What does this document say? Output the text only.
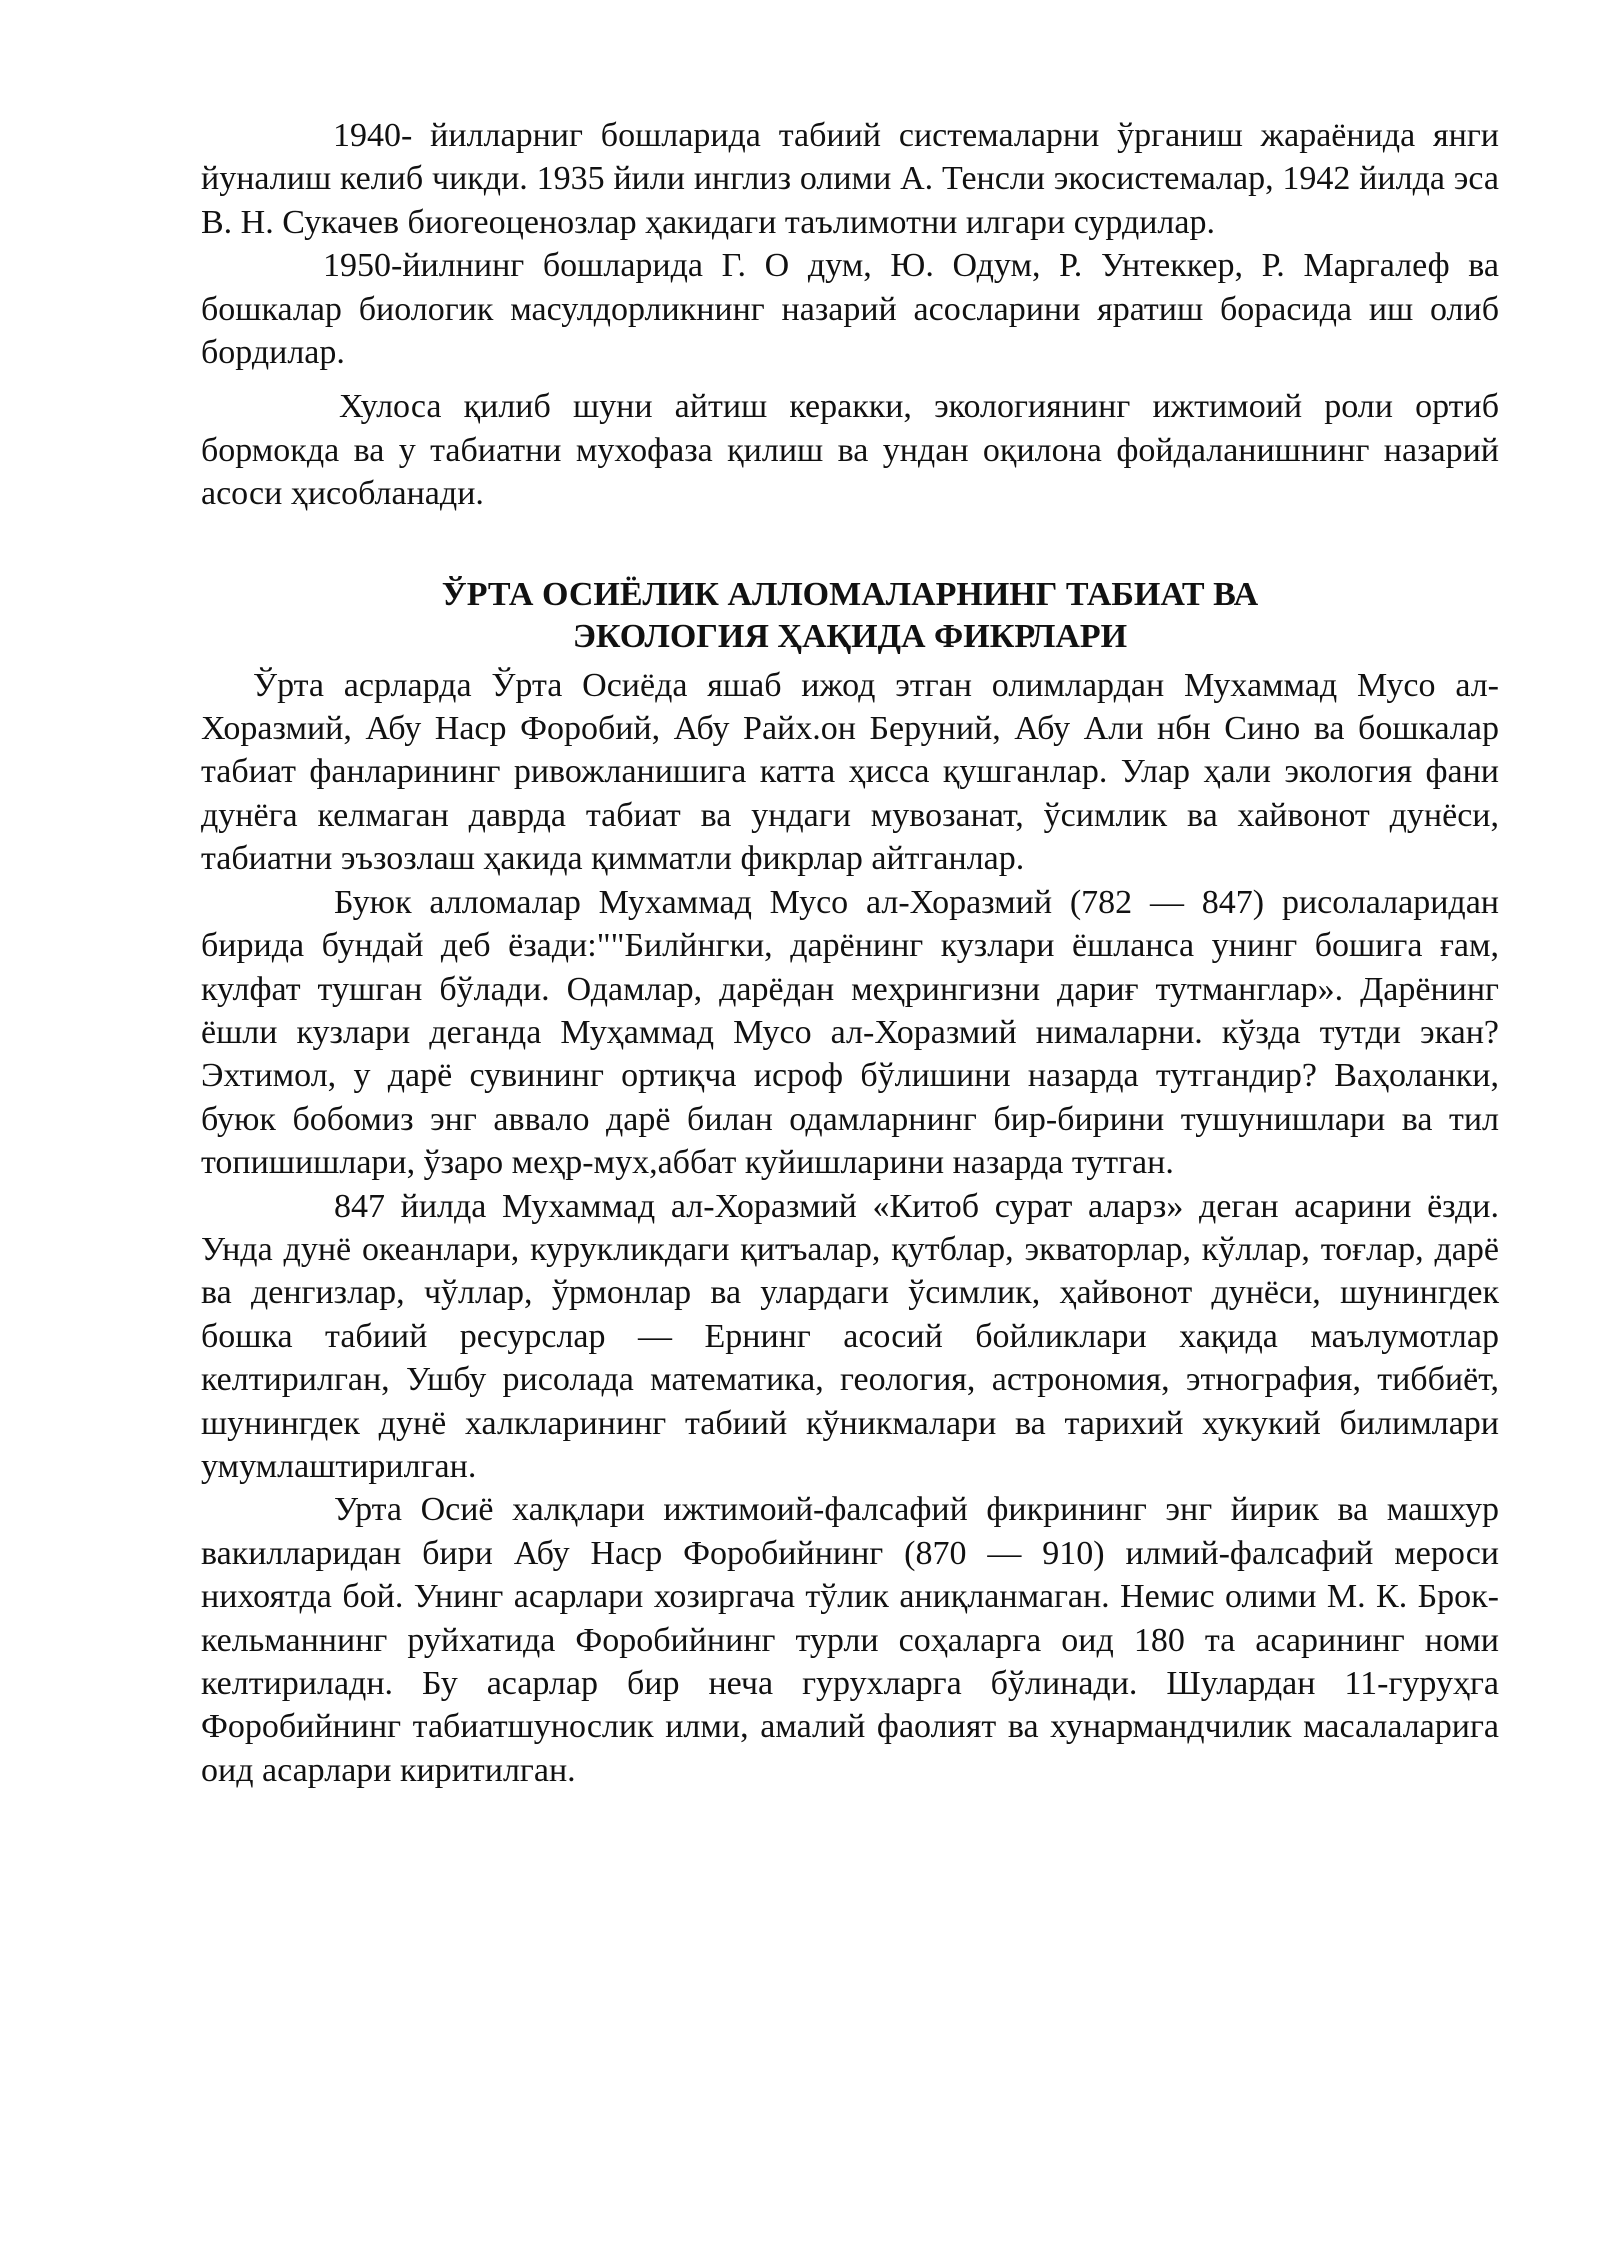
1940- йилларниг бошларида табиий системаларни ўрганиш жараёнида янги йуналиш келиб чикди. 1935 йили инглиз олими А. Тенсли экосистемалар, 1942 йилда эса В. Н. Сукачев биогеоценозлар ҳакидаги таълимотни илгари сурдилар.

1950-йилнинг бошларида Г. О дум, Ю. Одум, Р. Унтеккер, Р. Маргалеф ва бошкалар биологик масулдорликнинг назарий асосларини яратиш борасида иш олиб бордилар.

Хулоса қилиб шуни айтиш керакки, экологиянинг ижтимоий роли ортиб бормокда ва у табиатни мухофаза қилиш ва ундан оқилона фойдаланишнинг назарий асоси ҳисобланади.

ЎРТА ОСИЁЛИК АЛЛОМАЛАРНИНГ ТАБИАТ ВА
ЭКОЛОГИЯ ҲАҚИДА ФИКРЛАРИ

Ўрта асрларда Ўрта Осиёда яшаб ижод этган олимлардан Мухаммад Мусо ал-Хоразмий, Абу Наср Форобий, Абу Райх.он Беруний, Абу Али нбн Сино ва бошкалар табиат фанларининг ривожланишига катта ҳисса қушганлар. Улар ҳали экология фани дунёга келмаган даврда табиат ва ундаги мувозанат, ўсимлик ва хайвонот дунёси, табиатни эъзозлаш ҳакида қимматли фикрлар айтганлар.

Буюк алломалар Мухаммад Мусо ал-Хоразмий (782 — 847) рисолаларидан бирида бундай деб ёзади:""Билйнгки, дарёнинг кузлари ёшланса унинг бошига ғам, кулфат тушган бўлади. Одамлар, дарёдан меҳрингизни дариғ тутманглар». Дарёнинг ёшли кузлари деганда Муҳаммад Мусо ал-Хоразмий нималарни. кўзда тутди экан? Эхтимол, у дарё сувининг ортиқча исроф бўлишини назарда тутгандир? Ваҳоланки, буюк бобомиз энг аввало дарё билан одамларнинг бир-бирини тушунишлари ва тил топишишлари, ўзаро меҳр-мух,аббат куйишларини назарда тутган.

847 йилда Мухаммад ал-Хоразмий «Китоб сурат аларз» деган асарини ёзди. Унда дунё океанлари, курукликдаги қитъалар, қутблар, экваторлар, кўллар, тоғлар, дарё ва денгизлар, чўллар, ўрмонлар ва улардаги ўсимлик, ҳайвонот дунёси, шунингдек бошка табиий ресурслар — Ернинг асосий бойликлари хақида маълумотлар келтирилган, Ушбу рисолада математика, геология, астрономия, этнография, тиббиёт, шунингдек дунё халкларининг табиий кўникмалари ва тарихий хукукий билимлари умумлаштирилган.

Урта Осиё халқлари ижтимоий-фалсафий фикрининг энг йирик ва машхур вакилларидан бири Абу Наср Форобийнинг (870 — 910) илмий-фалсафий мероси нихоятда бой. Унинг асарлари хозиргача тўлик аниқланмаган. Немис олими М. К. Брок-кельманнинг руйхатида Форобийнинг турли соҳаларга оид 180 та асарининг номи келтириладн. Бу асарлар бир неча гурухларга бўлинади. Шулардан 11-гуруҳга Форобийнинг табиатшунослик илми, амалий фаолият ва хунармандчилик масалаларига оид асарлари киритилган.
